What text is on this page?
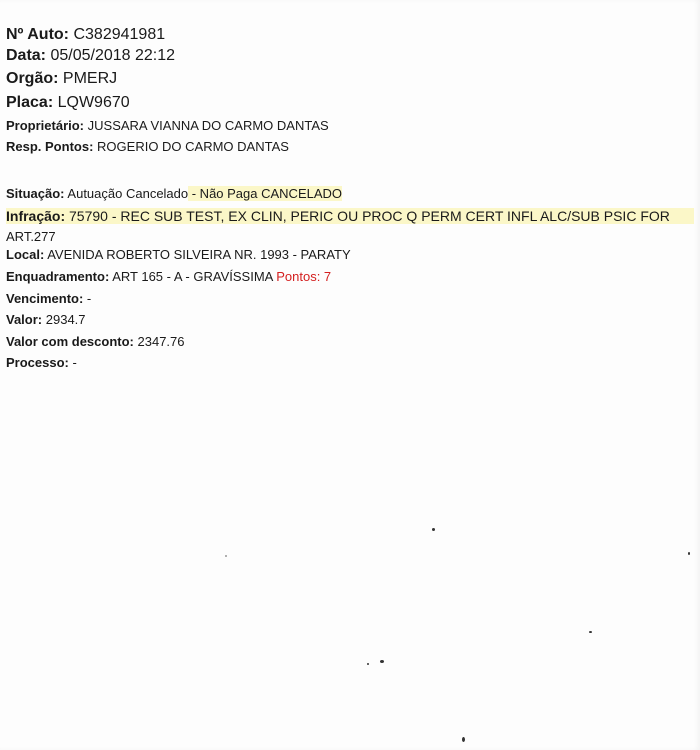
Nº Auto: C382941981
Data: 05/05/2018 22:12
Orgão: PMERJ
Placa: LQW9670
Proprietário: JUSSARA VIANNA DO CARMO DANTAS
Resp. Pontos: ROGERIO DO CARMO DANTAS
Situação: Autuação Cancelado - Não Paga CANCELADO
Infração: 75790 - REC SUB TEST, EX CLIN, PERIC OU PROC Q PERM CERT INFL ALC/SUB PSIC FOR
ART.277
Local: AVENIDA ROBERTO SILVEIRA NR. 1993 - PARATY
Enquadramento: ART 165 - A - GRAVÍSSIMA Pontos: 7
Vencimento: -
Valor: 2934.7
Valor com desconto: 2347.76
Processo: -
